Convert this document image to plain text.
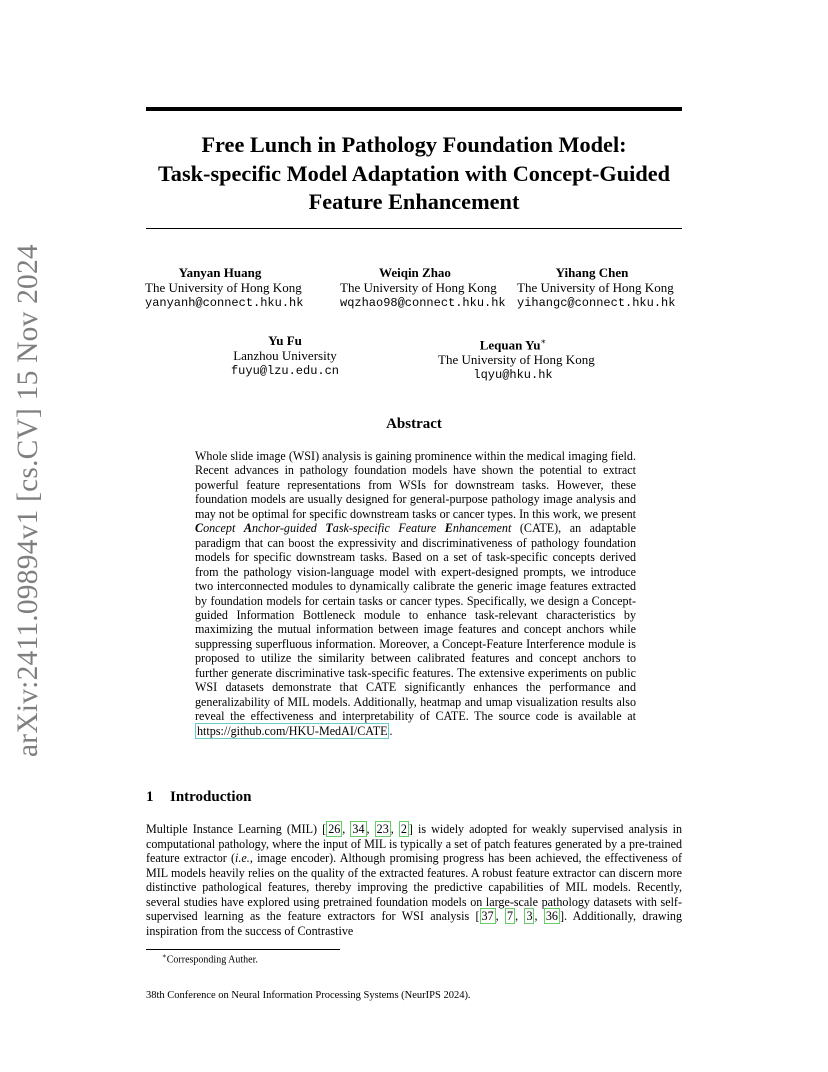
arXiv:2411.09894v1 [cs.CV] 15 Nov 2024
Free Lunch in Pathology Foundation Model:
Task-specific Model Adaptation with Concept-Guided
Feature Enhancement
Yanyan Huang
The University of Hong Kong
yanyanh@connect.hku.hk
Weiqin Zhao
The University of Hong Kong
wqzhao98@connect.hku.hk
Yihang Chen
The University of Hong Kong
yihangc@connect.hku.hk
Yu Fu
Lanzhou University
fuyu@lzu.edu.cn
Lequan Yu∗
The University of Hong Kong
lqyu@hku.hk
Abstract
Whole slide image (WSI) analysis is gaining prominence within the medical imaging field. Recent advances in pathology foundation models have shown the potential to extract powerful feature representations from WSIs for downstream tasks. However, these foundation models are usually designed for general-purpose pathology image analysis and may not be optimal for specific downstream tasks or cancer types. In this work, we present Concept Anchor-guided Task-specific Feature Enhancement (CATE), an adaptable paradigm that can boost the expressivity and discriminativeness of pathology foundation models for specific downstream tasks. Based on a set of task-specific concepts derived from the pathology vision-language model with expert-designed prompts, we introduce two interconnected modules to dynamically calibrate the generic image features extracted by foundation models for certain tasks or cancer types. Specifically, we design a Concept-guided Information Bottleneck module to enhance task-relevant characteristics by maximizing the mutual information between image features and concept anchors while suppressing superfluous information. Moreover, a Concept-Feature Interference module is proposed to utilize the similarity between calibrated features and concept anchors to further generate discriminative task-specific features. The extensive experiments on public WSI datasets demonstrate that CATE significantly enhances the performance and generalizability of MIL models. Additionally, heatmap and umap visualization results also reveal the effectiveness and interpretability of CATE. The source code is available at https://github.com/HKU-MedAI/CATE .
1 Introduction
Multiple Instance Learning (MIL) [ 26 , 34 , 23 , 2 ] is widely adopted for weakly supervised analysis in computational pathology, where the input of MIL is typically a set of patch features generated by a pre-trained feature extractor (i.e., image encoder). Although promising progress has been achieved, the effectiveness of MIL models heavily relies on the quality of the extracted features. A robust feature extractor can discern more distinctive pathological features, thereby improving the predictive capabilities of MIL models. Recently, several studies have explored using pretrained foundation models on large-scale pathology datasets with self-supervised learning as the feature extractors for WSI analysis [ 37 , 7 , 3 , 36 ]. Additionally, drawing inspiration from the success of Contrastive
∗Corresponding Auther.
38th Conference on Neural Information Processing Systems (NeurIPS 2024).
